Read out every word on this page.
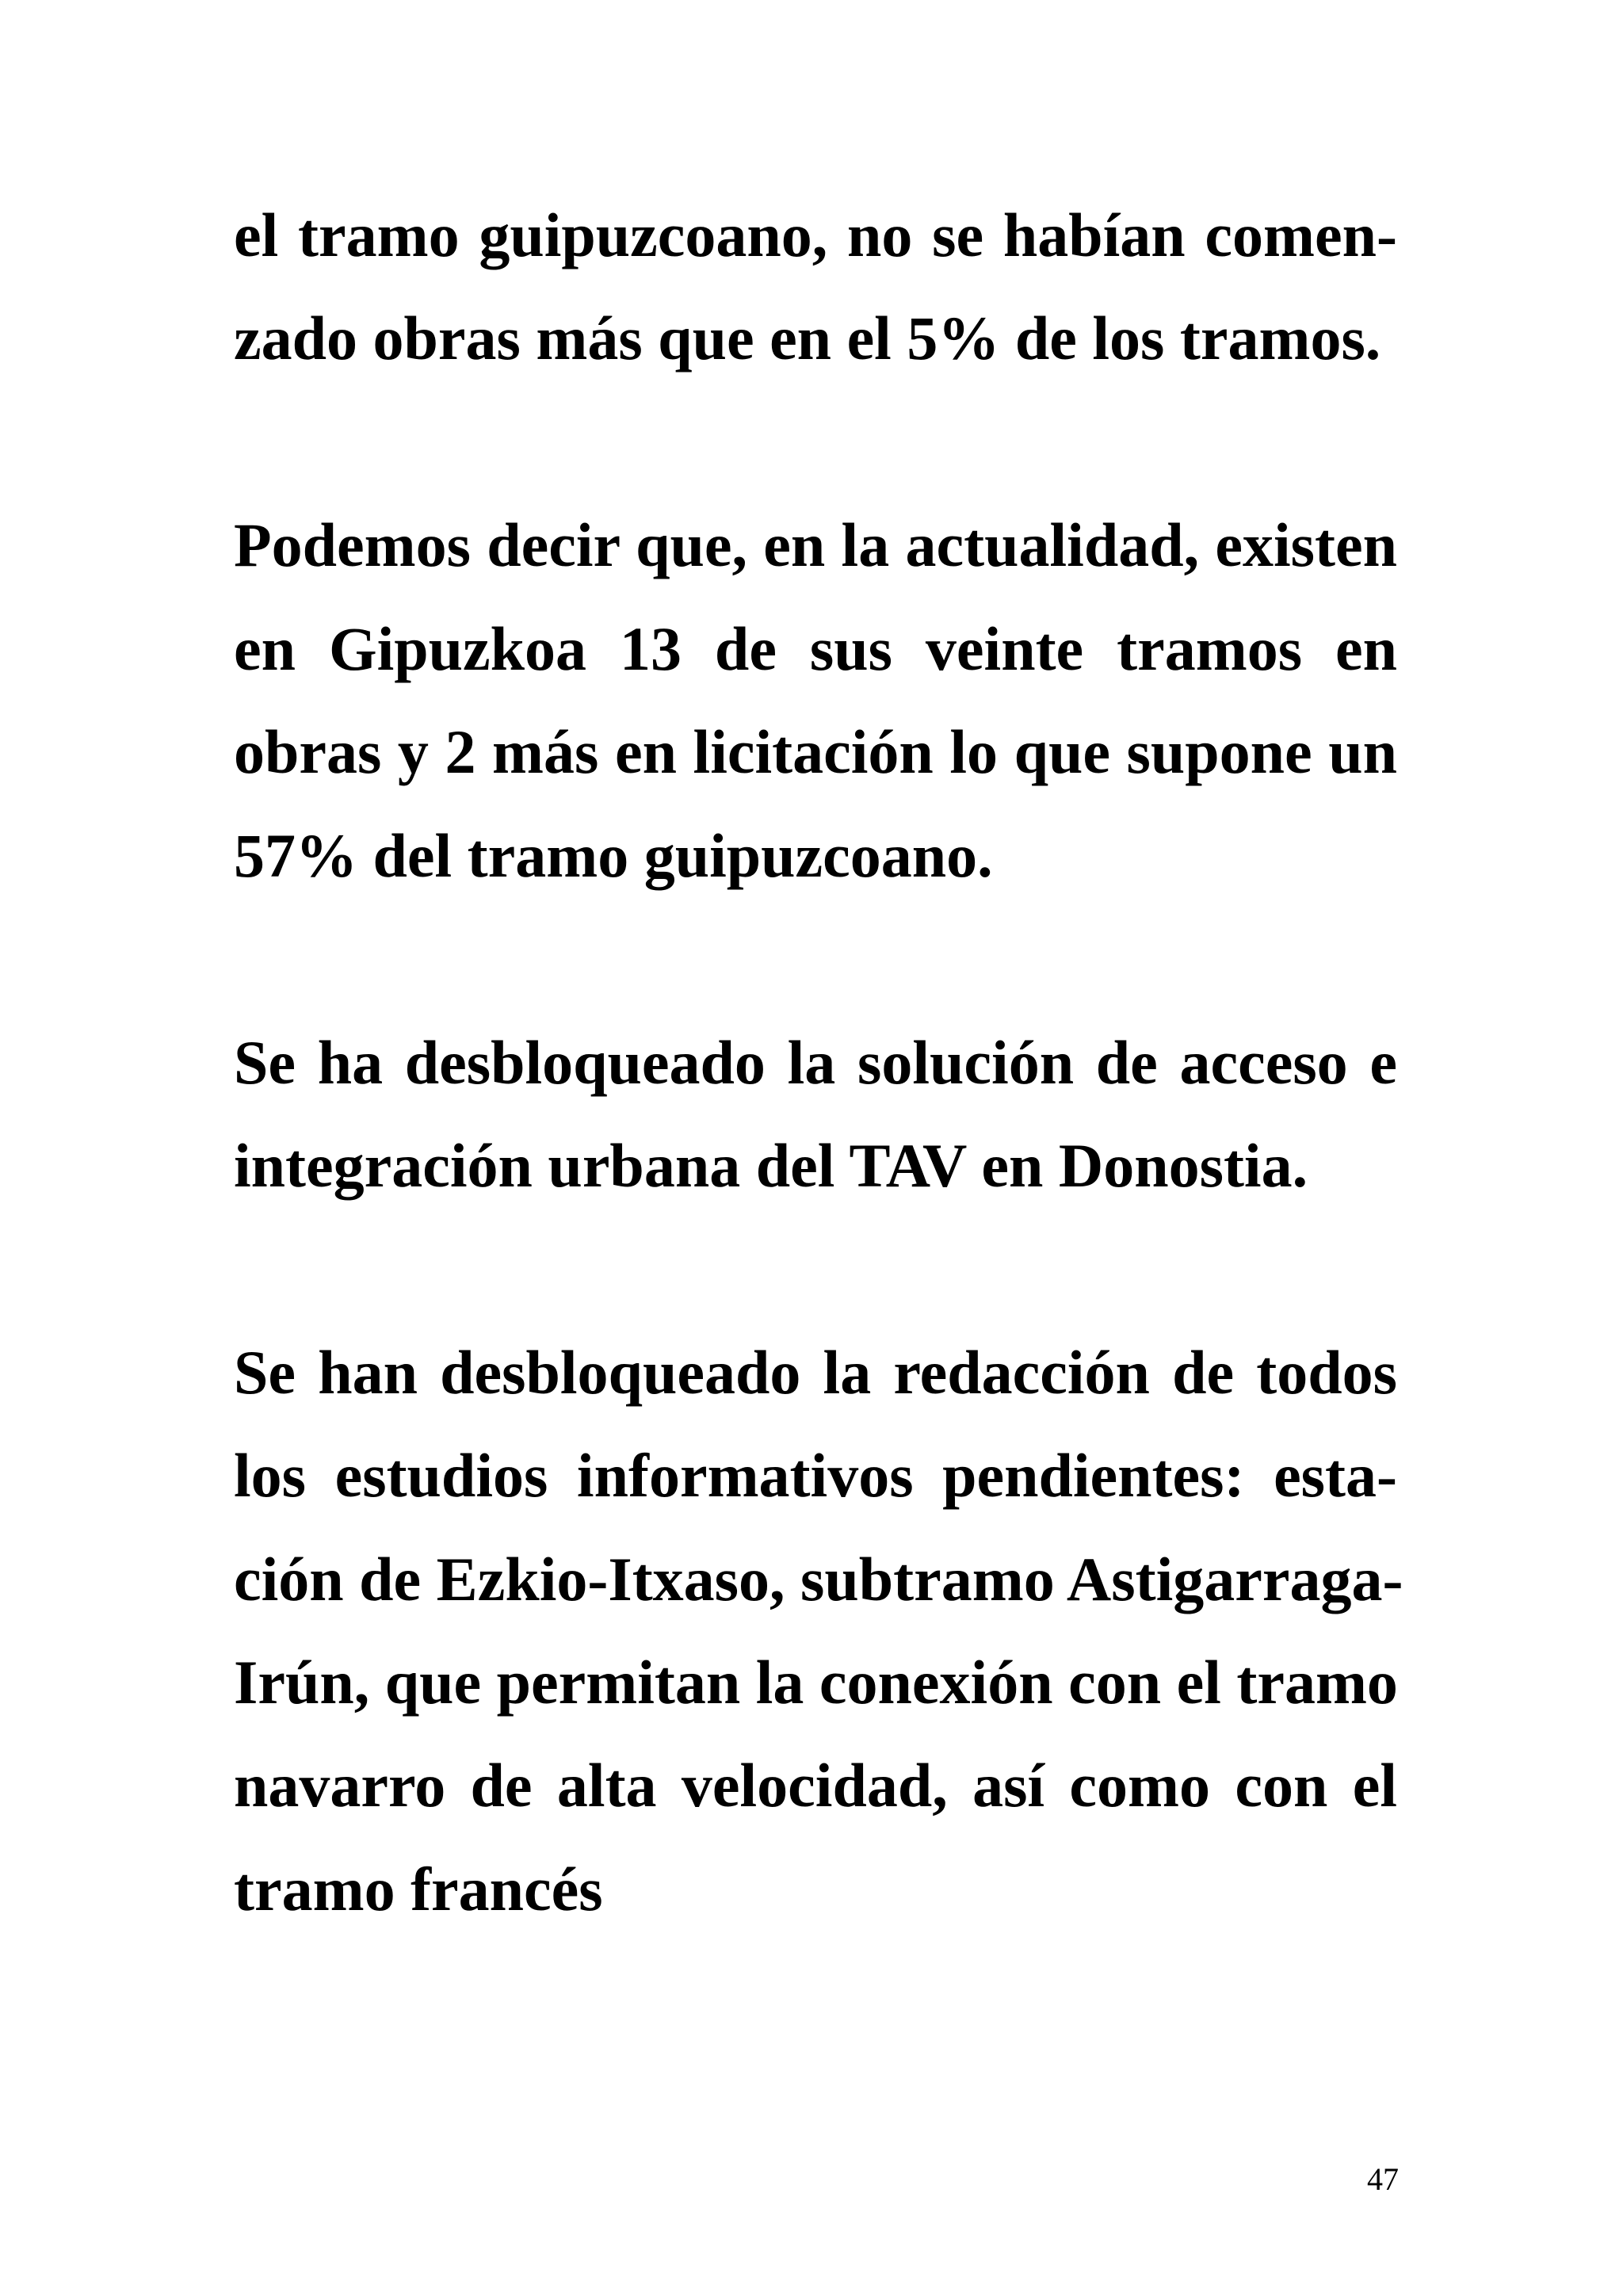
el tramo guipuzcoano, no se habían comen-
zado obras más que en el 5% de los tramos.
Podemos decir que, en la actualidad, existen
en Gipuzkoa 13 de sus veinte tramos en
obras y 2 más en licitación lo que supone un
57% del tramo guipuzcoano.
Se ha desbloqueado la solución de acceso e
integración urbana del TAV en Donostia.
Se han desbloqueado la redacción de todos
los estudios informativos pendientes: esta-
ción de Ezkio-Itxaso, subtramo Astigarraga-
Irún, que permitan la conexión con el tramo
navarro de alta velocidad, así como con el
tramo francés
47
